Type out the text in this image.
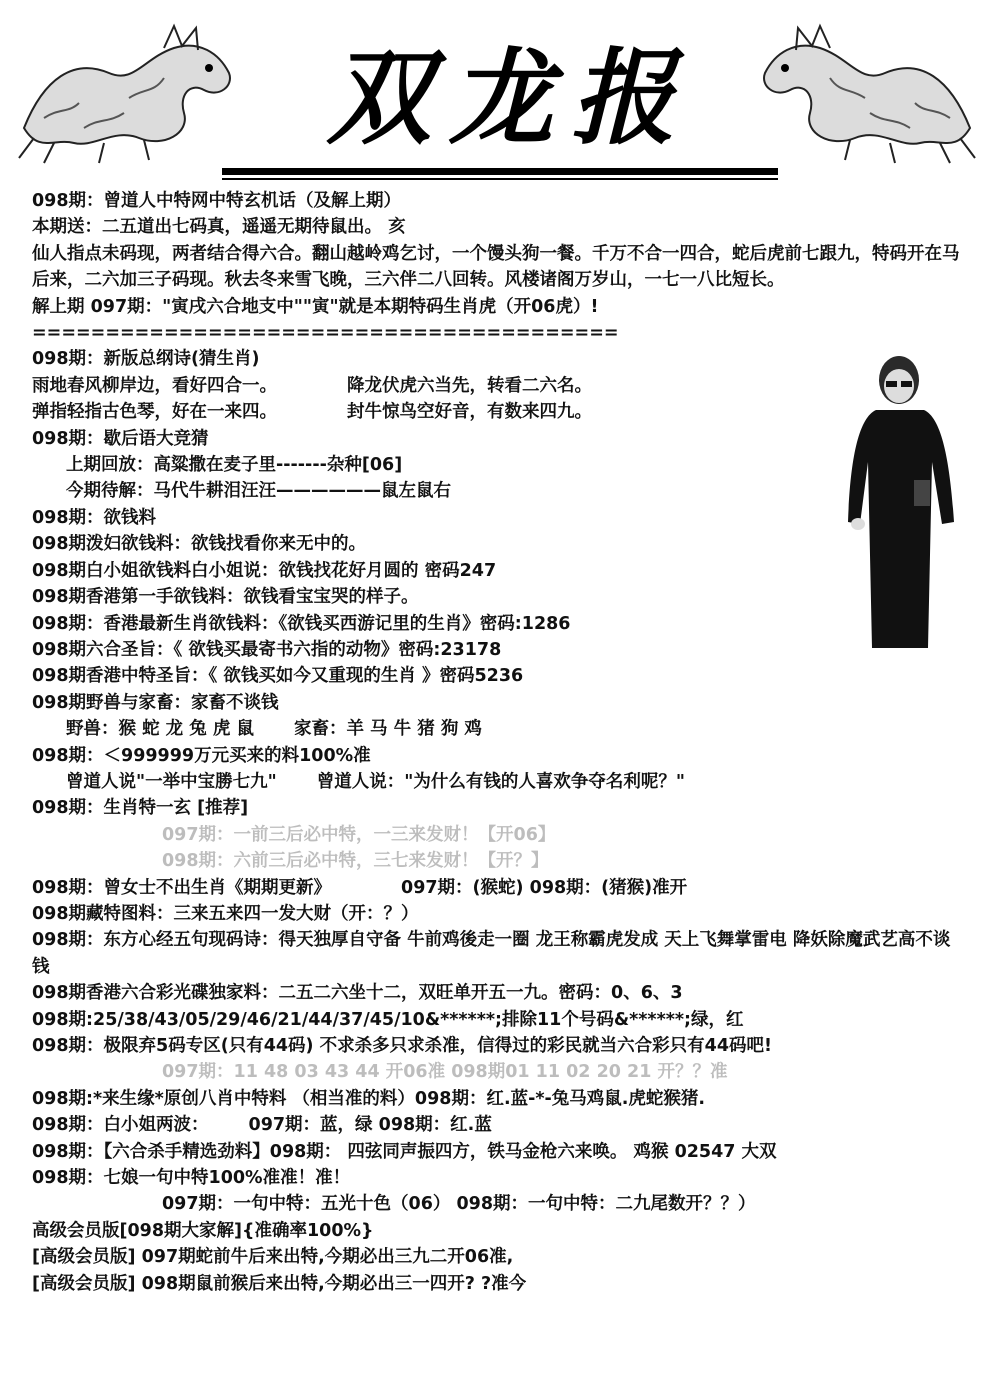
双龙报
098期：曾道人中特网中特玄机话（及解上期）
本期送：二五道出七码真，遥遥无期待鼠出。 亥
仙人指点未码现，两者结合得六合。翻山越岭鸡乞讨，一个馒头狗一餐。千万不合一四合，蛇后虎前七跟九，特码开在马后来，二六加三子码现。秋去冬来雪飞晚，三六伴二八回转。风楼诸阁万岁山，一七一八比短长。
解上期 097期："寅戌六合地支中""寅"就是本期特码生肖虎（开06虎）!
========================================
098期：新版总纲诗(猜生肖)
雨地春风柳岸边，看好四合一。	降龙伏虎六当先，转看二六名。
弹指轻指古色琴，好在一来四。	封牛惊鸟空好音，有数来四九。
098期：歇后语大竞猜
上期回放：高粱撒在麦子里-------杂种[06]
今期待解：马代牛耕泪汪汪——————鼠左鼠右
098期：欲钱料
098期泼妇欲钱料：欲钱找看你来无中的。
098期白小姐欲钱料白小姐说：欲钱找花好月圆的 密码247
098期香港第一手欲钱料：欲钱看宝宝哭的样子。
098期：香港最新生肖欲钱料：《欲钱买西游记里的生肖》密码:1286
098期六合圣旨：《 欲钱买最寄书六指的动物》密码:23178
098期香港中特圣旨：《 欲钱买如今又重现的生肖 》密码5236
098期野兽与家畜：家畜不谈钱
野兽：猴 蛇 龙 兔 虎 鼠 家畜：羊 马 牛 猪 狗 鸡
098期：＜999999万元买来的料100%准
曾道人说"一举中宝勝七九" 曾道人说："为什么有钱的人喜欢争夺名利呢？"
098期：生肖特一玄 [推荐]
097期：一前三后必中特，一三来发财！【开06】
098期：六前三后必中特，三七来发财！【开？】
098期：曾女士不出生肖《期期更新》	097期：(猴蛇) 098期：(猪猴)准开
098期藏特图料：三来五来四一发大财（开：？）
098期：东方心经五句现码诗：得天独厚自守备 牛前鸡後走一圈 龙王称霸虎发成 天上飞舞掌雷电 降妖除魔武艺高不谈钱
098期香港六合彩光碟独家料：二五二六坐十二，双旺单开五一九。密码：0、6、3
098期:25/38/43/05/29/46/21/44/37/45/10&******;排除11个号码&******;绿，红
098期：极限弃5码专区(只有44码) 不求杀多只求杀准，信得过的彩民就当六合彩只有44码吧!
097期：11 48 03 43 44 开06准 098期01 11 02 20 21 开？？准
098期:*来生缘*原创八肖中特料 （相当准的料）098期：红.蓝-*-兔马鸡鼠.虎蛇猴猪.
098期：白小姐两波： 097期：蓝，绿 098期：红.蓝
098期：【六合杀手精选劲料】098期： 四弦同声振四方，铁马金枪六来唤。 鸡猴 02547 大双
098期：七娘一句中特100%准准！准！
097期：一句中特：五光十色（06） 098期：一句中特：二九尾数开？？）
高级会员版[098期大家解]{准确率100%}
[高级会员版] 097期蛇前牛后来出特,今期必出三九二开06准,
[高级会员版] 098期鼠前猴后来出特,今期必出三一四开? ?准今
